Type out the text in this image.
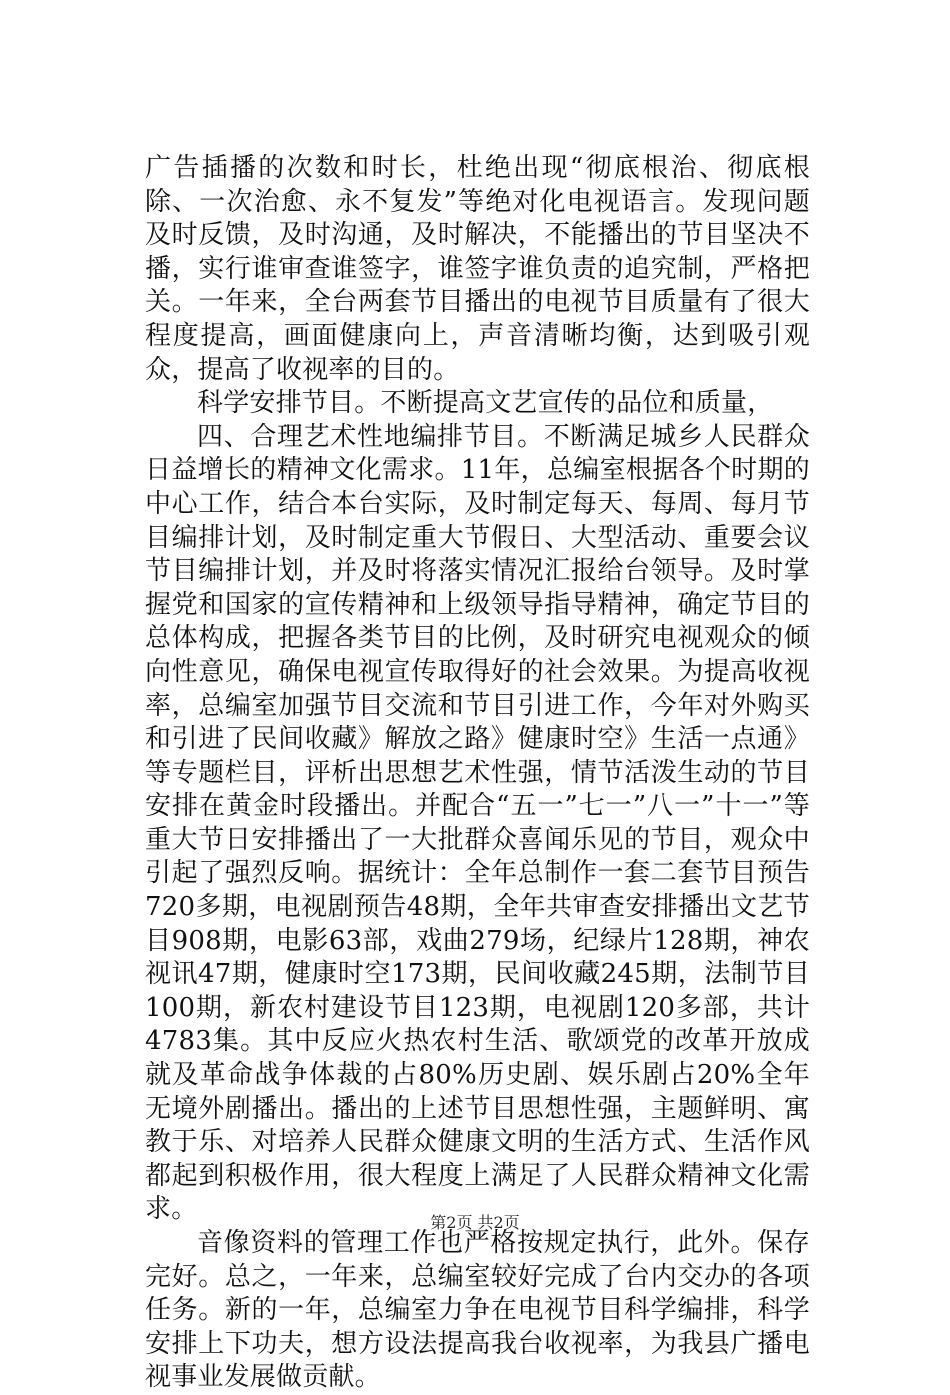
广告插播的次数和时长，杜绝出现“彻底根治、彻底根除、一次治愈、永不复发”等绝对化电视语言。发现问题及时反馈，及时沟通，及时解决，不能播出的节目坚决不播，实行谁审查谁签字，谁签字谁负责的追究制，严格把关。一年来，全台两套节目播出的电视节目质量有了很大程度提高，画面健康向上，声音清晰均衡，达到吸引观众，提高了收视率的目的。

科学安排节目。不断提高文艺宣传的品位和质量，

四、合理艺术性地编排节目。不断满足城乡人民群众日益增长的精神文化需求。11年，总编室根据各个时期的中心工作，结合本台实际，及时制定每天、每周、每月节目编排计划，及时制定重大节假日、大型活动、重要会议节目编排计划，并及时将落实情况汇报给台领导。及时掌握党和国家的宣传精神和上级领导指导精神，确定节目的总体构成，把握各类节目的比例，及时研究电视观众的倾向性意见，确保电视宣传取得好的社会效果。为提高收视率，总编室加强节目交流和节目引进工作，今年对外购买和引进了民间收藏》解放之路》健康时空》生活一点通》等专题栏目，评析出思想艺术性强，情节活泼生动的节目安排在黄金时段播出。并配合“五一”七一”八一”十一”等重大节日安排播出了一大批群众喜闻乐见的节目，观众中引起了强烈反响。据统计：全年总制作一套二套节目预告720多期，电视剧预告48期，全年共审查安排播出文艺节目908期，电影63部，戏曲279场，纪绿片128期，神农视讯47期，健康时空173期，民间收藏245期，法制节目100期，新农村建设节目123期，电视剧120多部，共计4783集。其中反应火热农村生活、歌颂党的改革开放成就及革命战争体裁的占80%历史剧、娱乐剧占20%全年无境外剧播出。播出的上述节目思想性强，主题鲜明、寓教于乐、对培养人民群众健康文明的生活方式、生活作风都起到积极作用，很大程度上满足了人民群众精神文化需求。

音像资料的管理工作也严格按规定执行，此外。保存完好。总之，一年来，总编室较好完成了台内交办的各项任务。新的一年，总编室力争在电视节目科学编排，科学安排上下功夫，想方设法提高我台收视率，为我县广播电视事业发展做贡献。

第2页 共2页
